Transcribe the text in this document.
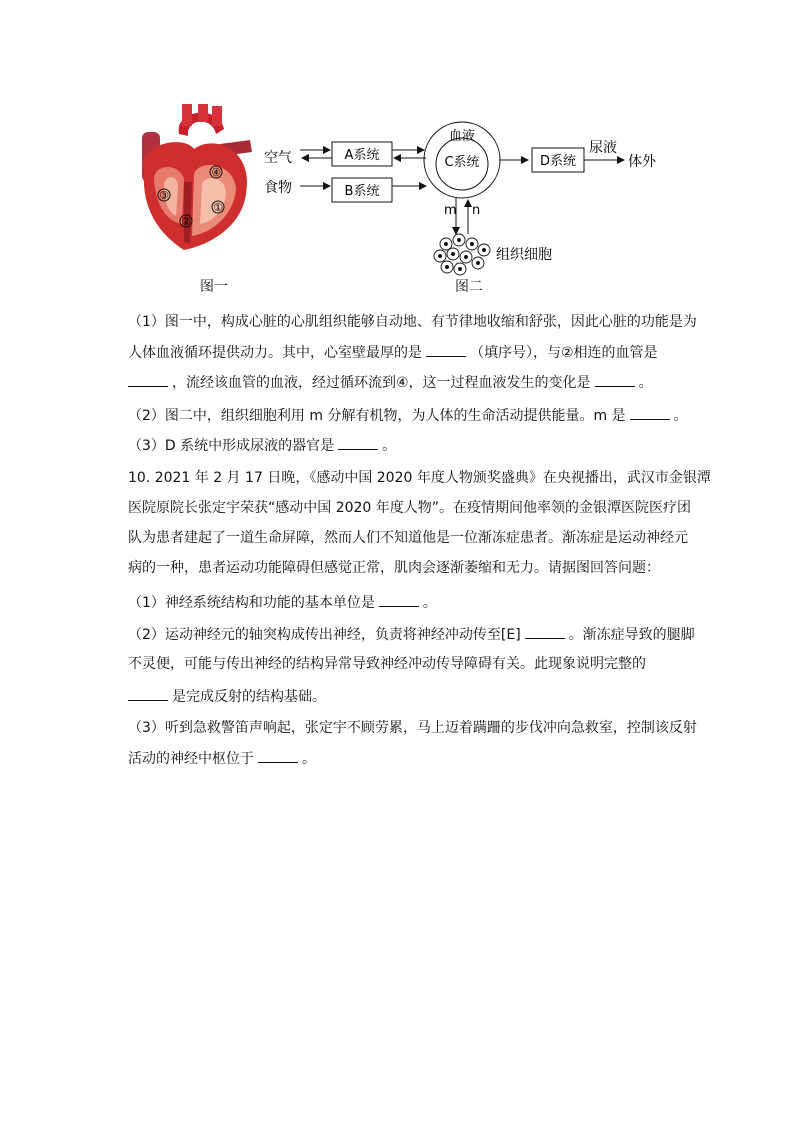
③
②
①
④
图一
空气
食物
A系统
B系统
血液
C系统	D系统
尿液
体外
m n
组织细胞
图二
（1）图一中，构成心脏的心肌组织能够自动地、有节律地收缩和舒张，因此心脏的功能是为
人体血液循环提供动力。其中，心室壁最厚的是	（填序号），与②相连的血管是
，流经该血管的血液，经过循环流到④，这一过程血液发生的变化是	。
（2）图二中，组织细胞利用 m 分解有机物，为人体的生命活动提供能量。m 是	。
（3）D 系统中形成尿液的器官是	。
10. 2021 年 2 月 17 日晚，《感动中国 2020 年度人物颁奖盛典》在央视播出，武汉市金银潭
医院原院长张定宇荣获“感动中国 2020 年度人物”。在疫情期间他率领的金银潭医院医疗团
队为患者建起了一道生命屏障，然而人们不知道他是一位渐冻症患者。渐冻症是运动神经元
病的一种，患者运动功能障碍但感觉正常，肌肉会逐渐萎缩和无力。请据图回答问题：
（1）神经系统结构和功能的基本单位是	。
（2）运动神经元的轴突构成传出神经，负责将神经冲动传至[E]	。渐冻症导致的腿脚
不灵便，可能与传出神经的结构异常导致神经冲动传导障碍有关。此现象说明完整的
是完成反射的结构基础。
（3）听到急救警笛声响起，张定宇不顾劳累，马上迈着蹒跚的步伐冲向急救室，控制该反射
活动的神经中枢位于	。
